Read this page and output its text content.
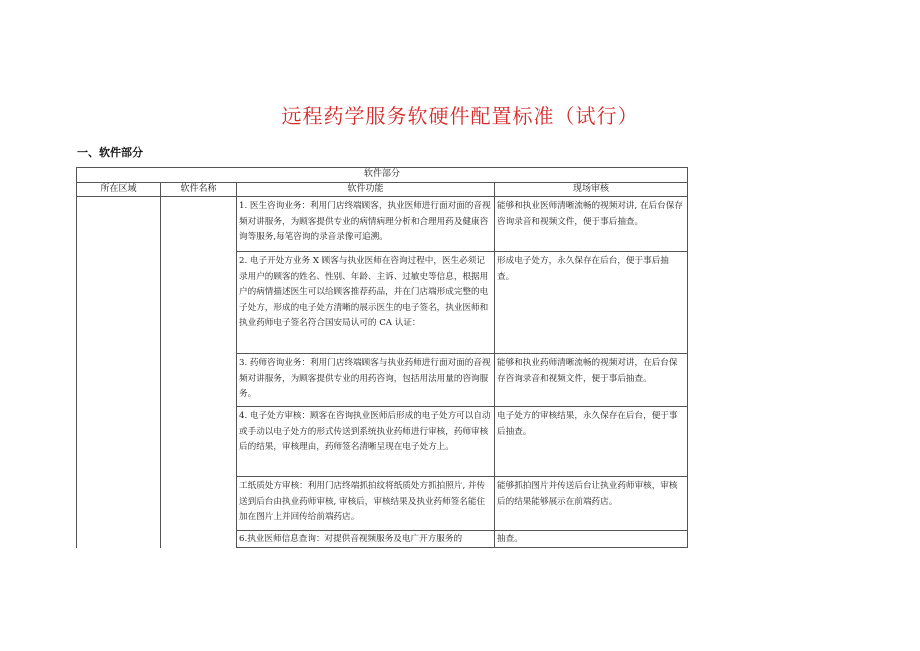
远程药学服务软硬件配置标准（试行）
一、软件部分
软件部分			
所在区域	软件名称	软件功能	现场审核
		1. 医生咨询业务：利用门店终端顾客，执业医师进行面对面的音视频对讲服务，为顾客提供专业的病情病理分析和合理用药及健康咨询等服务,每笔咨询的录音录像可追溯。	能够和执业医师清晰流畅的视频对讲, 在后台保存咨询录音和视频文件，便于事后抽查。
		2. 电子开处方业务 X 顾客与执业医师在咨询过程中，医生必须记录用户的顾客的姓名、性别、年龄、主诉、过敏史等信息，根据用户的病情描述医生可以给顾客推荐药品，并在门店端形成完整的电子处方，形成的电子处方清晰的展示医生的电子签名，执业医师和执业药师电子签名符合国安局认可的 CA 认证：	形成电子处方，永久保存在后台，便于事后抽查。
		3. 药师咨询业务：利用门店终端顾客与执业药师进行面对面的音视频对讲服务，为顾客提供专业的用药咨询，包括用法用量的咨询服务。	能够和执业药师清晰流畅的视频对讲，在后台保存咨询录音和视频文件，便于事后抽查。
		4. 电子处方审核：顾客在咨询执业医师后形成的电子处方可以自动或手动以电子处方的形式传送到系统执业药师进行审核，药师审核后的结果，审核理由，药师签名清晰呈现在电子处方上。	电子处方的审核结果，永久保存在后台，便于事后抽查。
		工纸质处方审核：利用门店终端抓拍纹将纸质处方抓拍照片, 并传送到后台由执业药师审核, 审核后，审核结果及执业药师签名能住加在图片上并回传给前端药店。	能够抓拍图片并传送后台让执业药师审核，审核后的结果能够展示在前端药店。
		6.执业医师信息查询：对提供音视频服务及电广开方服务的	抽查。
